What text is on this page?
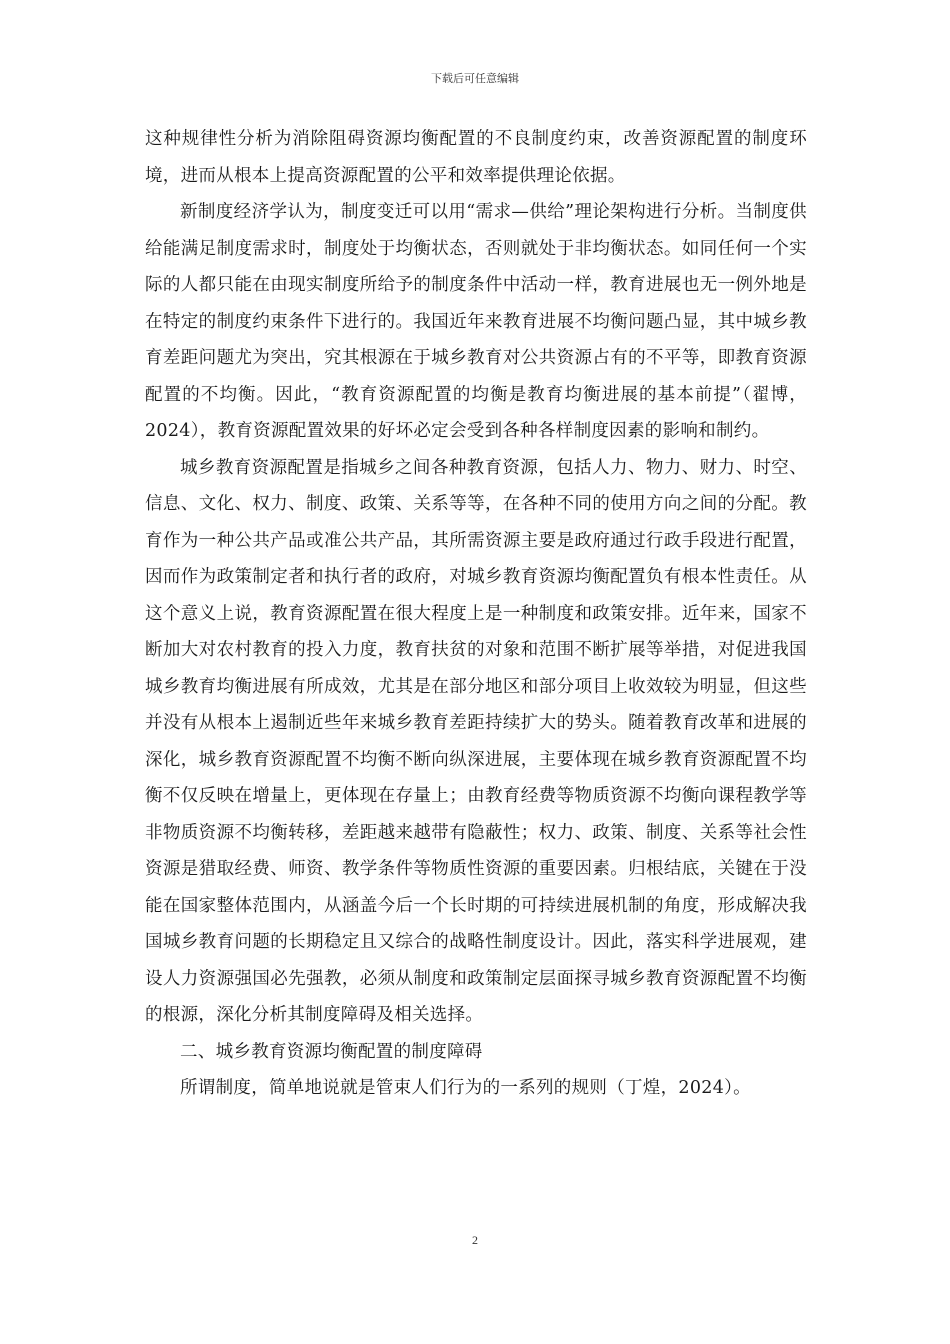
下载后可任意编辑

这种规律性分析为消除阻碍资源均衡配置的不良制度约束，改善资源配置的制度环境，进而从根本上提高资源配置的公平和效率提供理论依据。

新制度经济学认为，制度变迁可以用“需求—供给”理论架构进行分析。当制度供给能满足制度需求时，制度处于均衡状态，否则就处于非均衡状态。如同任何一个实际的人都只能在由现实制度所给予的制度条件中活动一样，教育进展也无一例外地是在特定的制度约束条件下进行的。我国近年来教育进展不均衡问题凸显，其中城乡教育差距问题尤为突出，究其根源在于城乡教育对公共资源占有的不平等，即教育资源配置的不均衡。因此，“教育资源配置的均衡是教育均衡进展的基本前提”（翟博，2024），教育资源配置效果的好坏必定会受到各种各样制度因素的影响和制约。

城乡教育资源配置是指城乡之间各种教育资源，包括人力、物力、财力、时空、信息、文化、权力、制度、政策、关系等等，在各种不同的使用方向之间的分配。教育作为一种公共产品或准公共产品，其所需资源主要是政府通过行政手段进行配置，因而作为政策制定者和执行者的政府，对城乡教育资源均衡配置负有根本性责任。从这个意义上说，教育资源配置在很大程度上是一种制度和政策安排。近年来，国家不断加大对农村教育的投入力度，教育扶贫的对象和范围不断扩展等举措，对促进我国城乡教育均衡进展有所成效，尤其是在部分地区和部分项目上收效较为明显，但这些并没有从根本上遏制近些年来城乡教育差距持续扩大的势头。随着教育改革和进展的深化，城乡教育资源配置不均衡不断向纵深进展，主要体现在城乡教育资源配置不均衡不仅反映在增量上，更体现在存量上；由教育经费等物质资源不均衡向课程教学等非物质资源不均衡转移，差距越来越带有隐蔽性；权力、政策、制度、关系等社会性资源是猎取经费、师资、教学条件等物质性资源的重要因素。归根结底，关键在于没能在国家整体范围内，从涵盖今后一个长时期的可持续进展机制的角度，形成解决我国城乡教育问题的长期稳定且又综合的战略性制度设计。因此，落实科学进展观，建设人力资源强国必先强教，必须从制度和政策制定层面探寻城乡教育资源配置不均衡的根源，深化分析其制度障碍及相关选择。

二、城乡教育资源均衡配置的制度障碍

所谓制度，简单地说就是管束人们行为的一系列的规则（丁煌，2024）。

2
